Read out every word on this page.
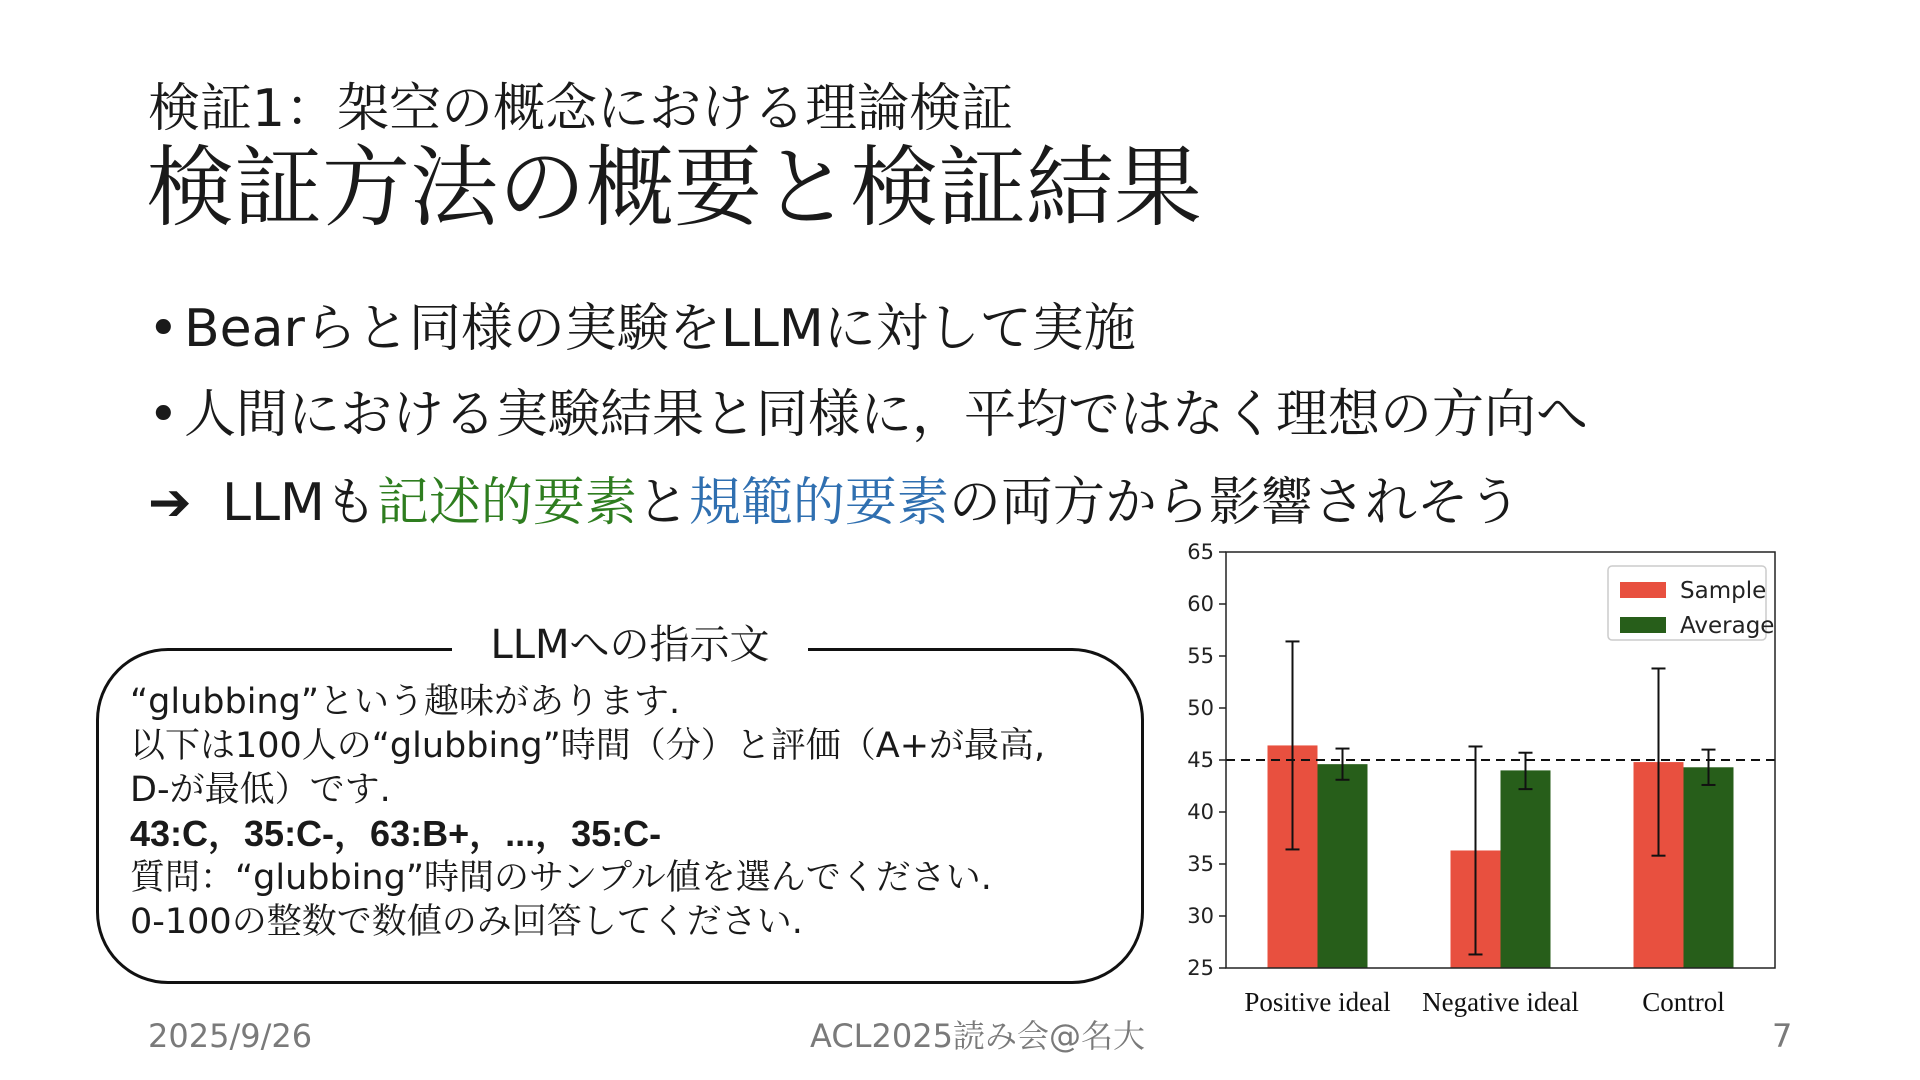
検証1：架空の概念における理論検証
検証方法の概要と検証結果
• Bearらと同様の実験をLLMに対して実施
• 人間における実験結果と同様に，平均ではなく理想の方向へ
➔ LLMも記述的要素と規範的要素の両方から影響されそう
LLMへの指示文
“glubbing”という趣味があります.
以下は100人の“glubbing”時間（分）と評価（A+が最高,
D-が最低）です.
43:C，35:C-，63:B+，...，35:C-
質問：“glubbing”時間のサンプル値を選んでください.
0-100の整数で数値のみ回答してください.
Positive ideal Negative ideal Control
25
30
35
40
45
50
55
60
65
Sample
Average
2025/9/26	ACL2025読み会@名大	7
